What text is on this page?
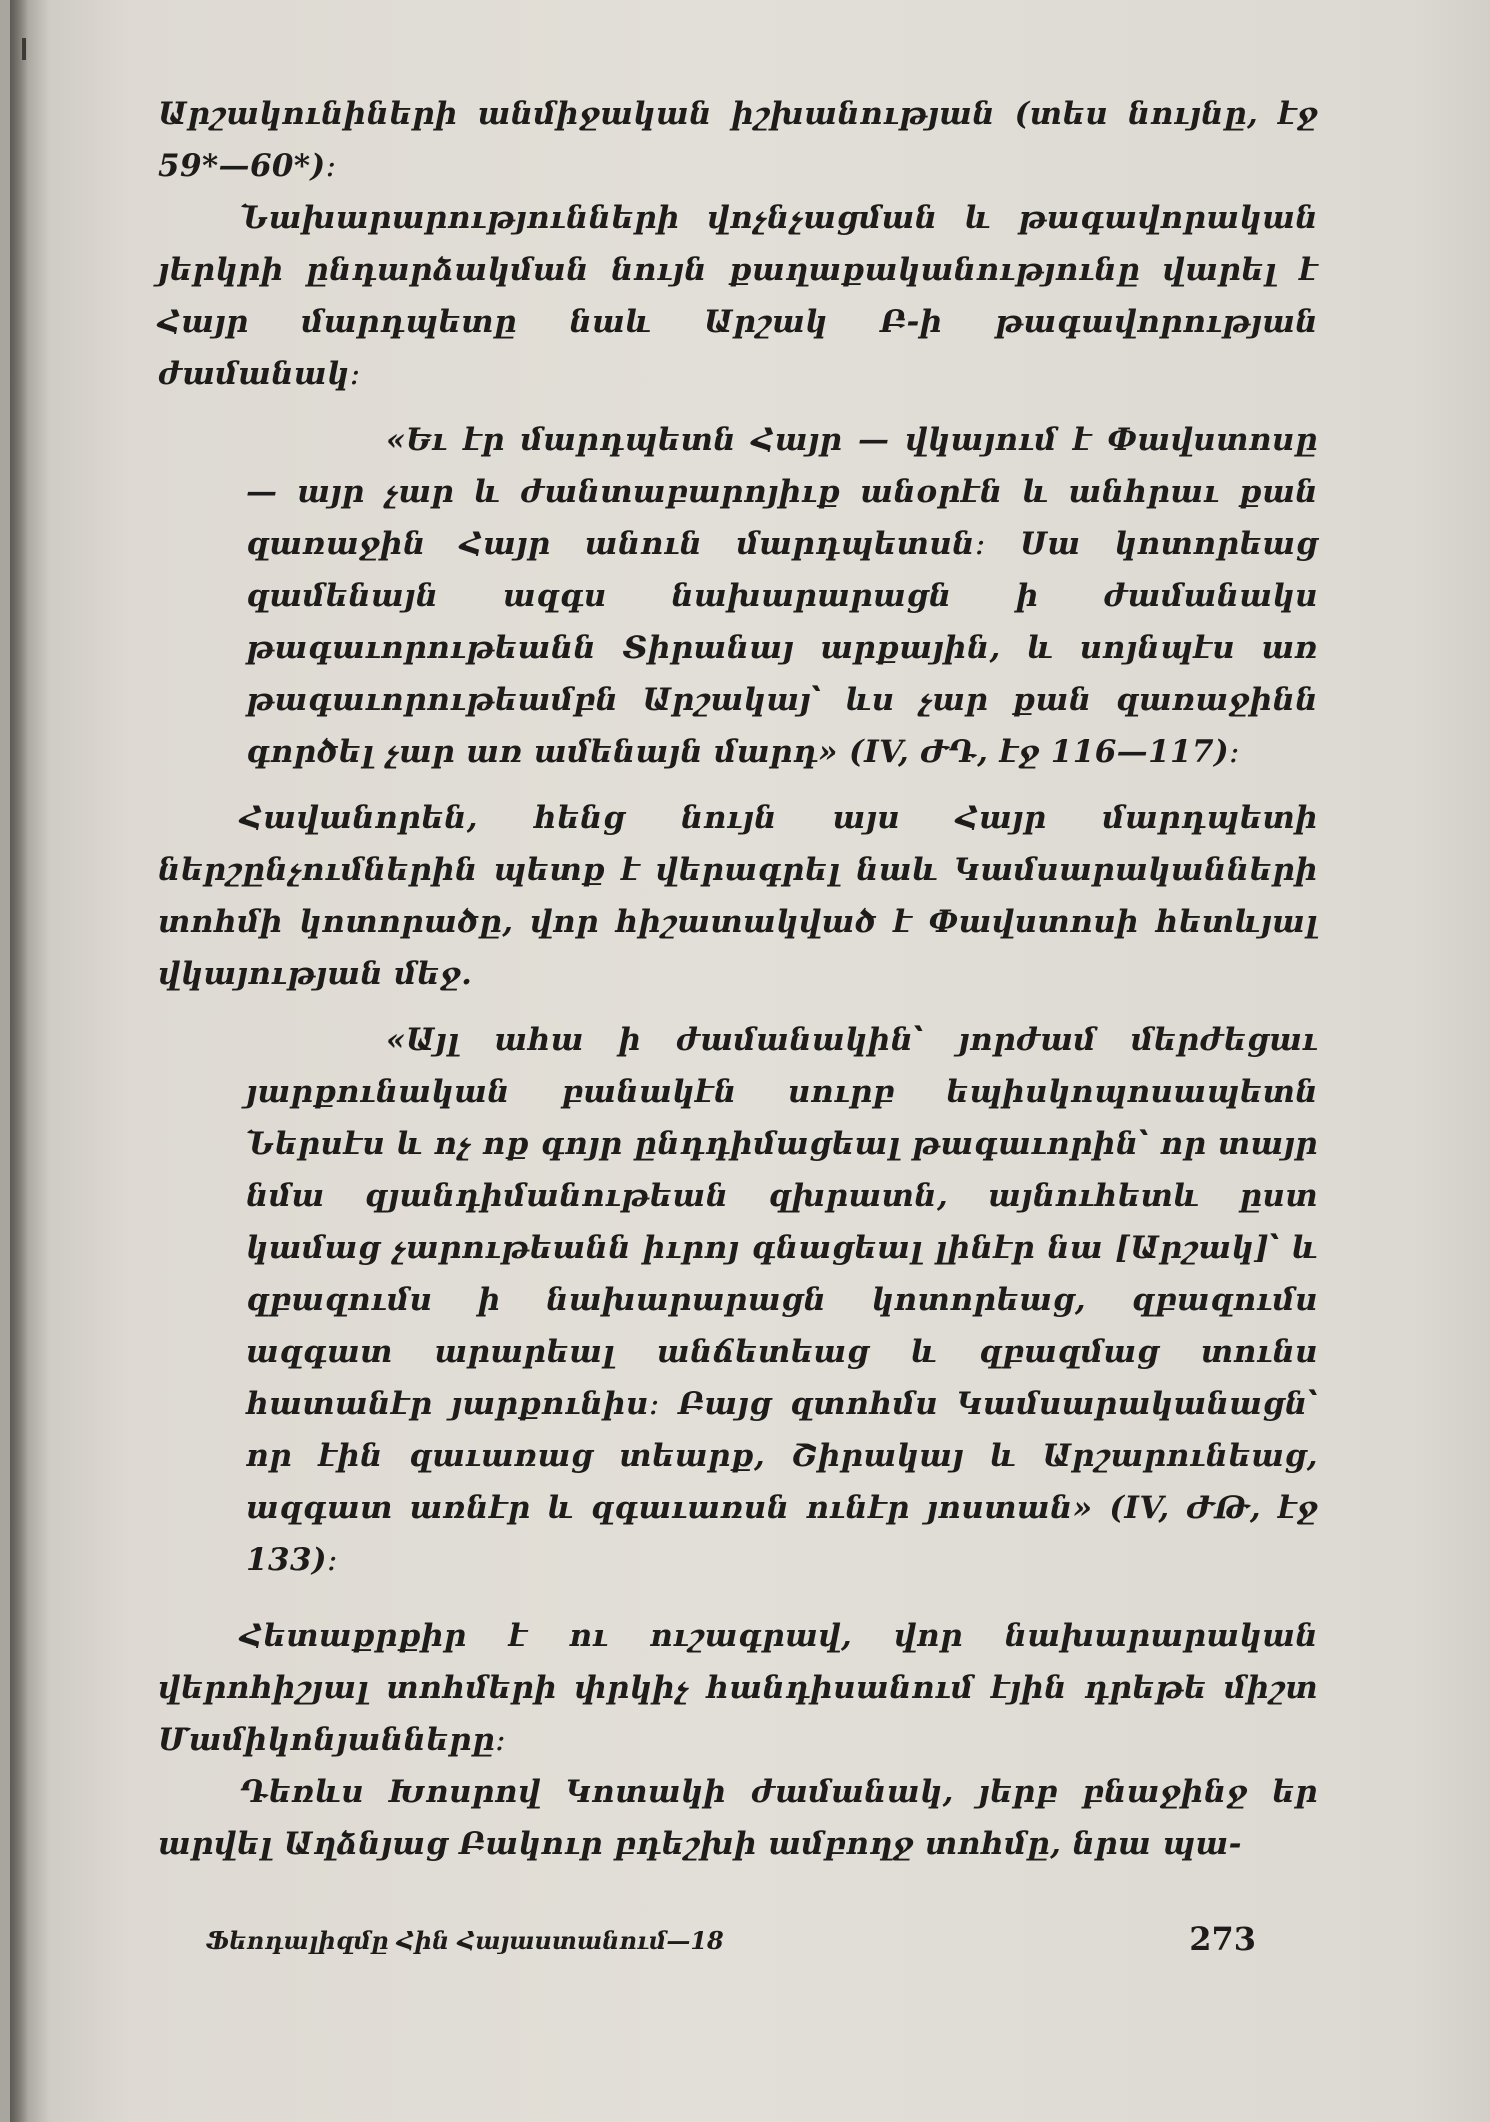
Արշակունիների անմիջական իշխանության (տես նույնը, էջ 59*—60*)։

Նախարարությունների վոչնչացման և թագավորական յերկրի ընդարձակման նույն քաղաքականությունը վարել է Հայր մարդպետը նաև Արշակ Բ-ի թագավորության ժամանակ։

«Եւ էր մարդպետն Հայր — վկայում է Փավստոսը — այր չար և ժանտաբարոյիւք անօրէն և անհրաւ քան զառաջին Հայր անուն մարդպետսն։ Սա կոտորեաց զամենայն ազգս նախարարացն ի ժամանակս թագաւորութեանն Տիրանայ արքային, և սոյնպէս առ թագաւորութեամբն Արշակայ՝ ևս չար քան զառաջինն գործել չար առ ամենայն մարդ» (IV, ԺԴ, էջ 116—117)։

Հավանորեն, հենց նույն այս Հայր մարդպետի ներշընչումներին պետք է վերագրել նաև Կամսարականների տոհմի կոտորածը, վոր հիշատակված է Փավստոսի հետևյալ վկայության մեջ.

«Այլ ահա ի ժամանակին՝ յորժամ մերժեցաւ յարքունական բանակէն սուրբ եպիսկոպոսապետն Ներսէս և ոչ ոք գոյր ընդդիմացեալ թագաւորին՝ որ տայր նմա զյանդիմանութեան զխրատն, այնուհետև ըստ կամաց չարութեանն իւրոյ գնացեալ լինէր նա [Արշակ]՝ և զբազումս ի նախարարացն կոտորեաց, զբազումս ազգատ արարեալ անճետեաց և զբազմաց տունս հատանէր յարքունիս։ Բայց զտոհմս Կամսարականացն՝ որ էին զաւառաց տեարք, Շիրակայ և Արշարունեաց, ազգատ առնէր և զգաւառսն ունէր յոստան» (IV, ԺԹ, էջ 133)։

Հետաքրքիր է ու ուշագրավ, վոր նախարարական վերոհիշյալ տոհմերի փրկիչ հանդիսանում էյին դրեթե միշտ Մամիկոնյանները։

Դեռևս Խոսրով Կոտակի ժամանակ, յերբ բնաջինջ եր արվել Աղձնյաց Բակուր բդեշխի ամբողջ տոհմը, նրա պա-

Ֆեոդալիզմը Հին Հայաստանում—18	273
